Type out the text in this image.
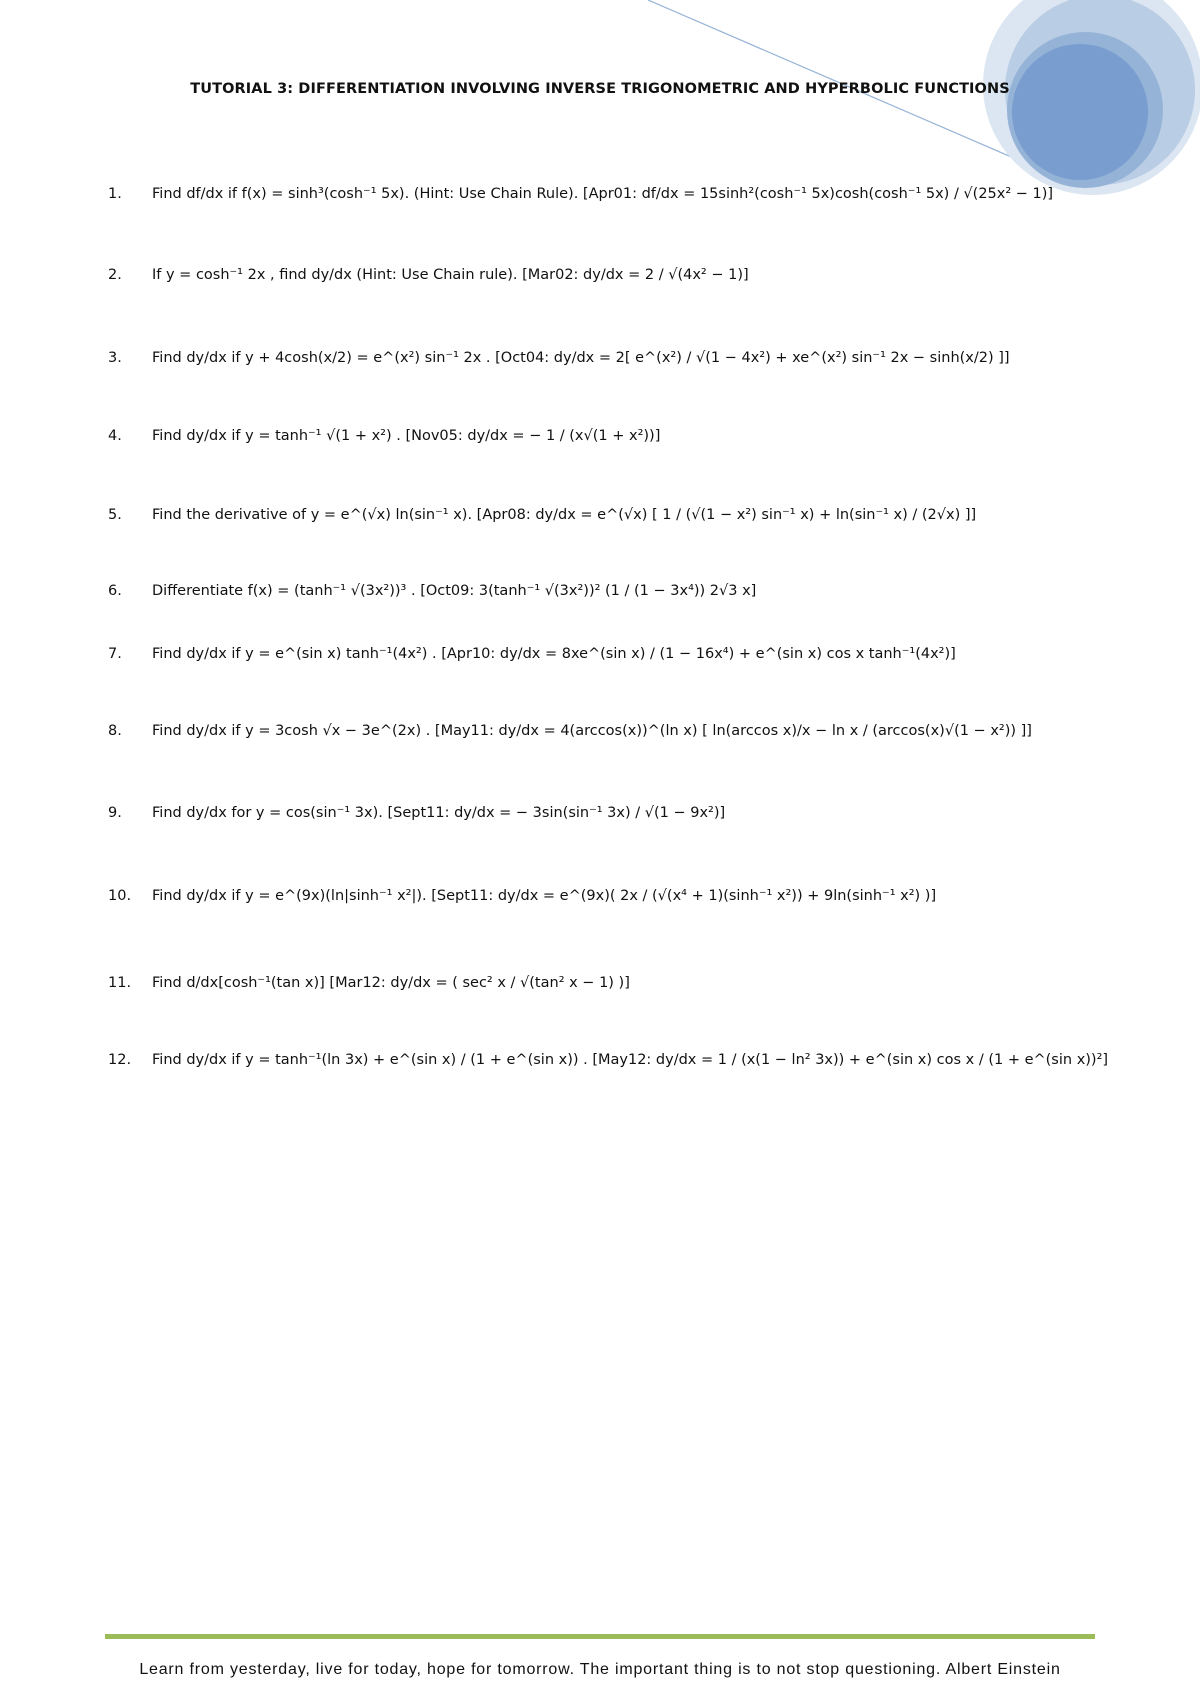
TUTORIAL 3: DIFFERENTIATION INVOLVING INVERSE TRIGONOMETRIC AND HYPERBOLIC FUNCTIONS
1. Find df/dx if f(x) = sinh³(cosh⁻¹ 5x). (Hint: Use Chain Rule). [Apr01: df/dx = 15sinh²(cosh⁻¹ 5x)cosh(cosh⁻¹ 5x) / √(25x² − 1)]
2. If y = cosh⁻¹ 2x , find dy/dx (Hint: Use Chain rule). [Mar02: dy/dx = 2 / √(4x² − 1)]
3. Find dy/dx if y + 4cosh(x/2) = e^(x²) sin⁻¹ 2x . [Oct04: dy/dx = 2[ e^(x²) / √(1 − 4x²) + xe^(x²) sin⁻¹ 2x − sinh(x/2) ]]
4. Find dy/dx if y = tanh⁻¹ √(1 + x²) . [Nov05: dy/dx = − 1 / (x√(1 + x²))]
5. Find the derivative of y = e^(√x) ln(sin⁻¹ x). [Apr08: dy/dx = e^(√x) [ 1 / (√(1 − x²) sin⁻¹ x) + ln(sin⁻¹ x) / (2√x) ]]
6. Differentiate f(x) = (tanh⁻¹ √(3x²))³ . [Oct09: 3(tanh⁻¹ √(3x²))² (1 / (1 − 3x⁴)) 2√3 x]
7. Find dy/dx if y = e^(sin x) tanh⁻¹(4x²) . [Apr10: dy/dx = 8xe^(sin x) / (1 − 16x⁴) + e^(sin x) cos x tanh⁻¹(4x²)]
8. Find dy/dx if y = 3cosh √x − 3e^(2x) . [May11: dy/dx = 4(arccos(x))^(ln x) [ ln(arccos x)/x − ln x / (arccos(x)√(1 − x²)) ]]
9. Find dy/dx for y = cos(sin⁻¹ 3x). [Sept11: dy/dx = − 3sin(sin⁻¹ 3x) / √(1 − 9x²)]
10. Find dy/dx if y = e^(9x)(ln|sinh⁻¹ x²|). [Sept11: dy/dx = e^(9x)( 2x / (√(x⁴ + 1)(sinh⁻¹ x²)) + 9ln(sinh⁻¹ x²) )]
11. Find d/dx[cosh⁻¹(tan x)] [Mar12: dy/dx = ( sec² x / √(tan² x − 1) )]
12. Find dy/dx if y = tanh⁻¹(ln 3x) + e^(sin x) / (1 + e^(sin x)) . [May12: dy/dx = 1 / (x(1 − ln² 3x)) + e^(sin x) cos x / (1 + e^(sin x))²]
Learn from yesterday, live for today, hope for tomorrow. The important thing is to not stop questioning. Albert Einstein
